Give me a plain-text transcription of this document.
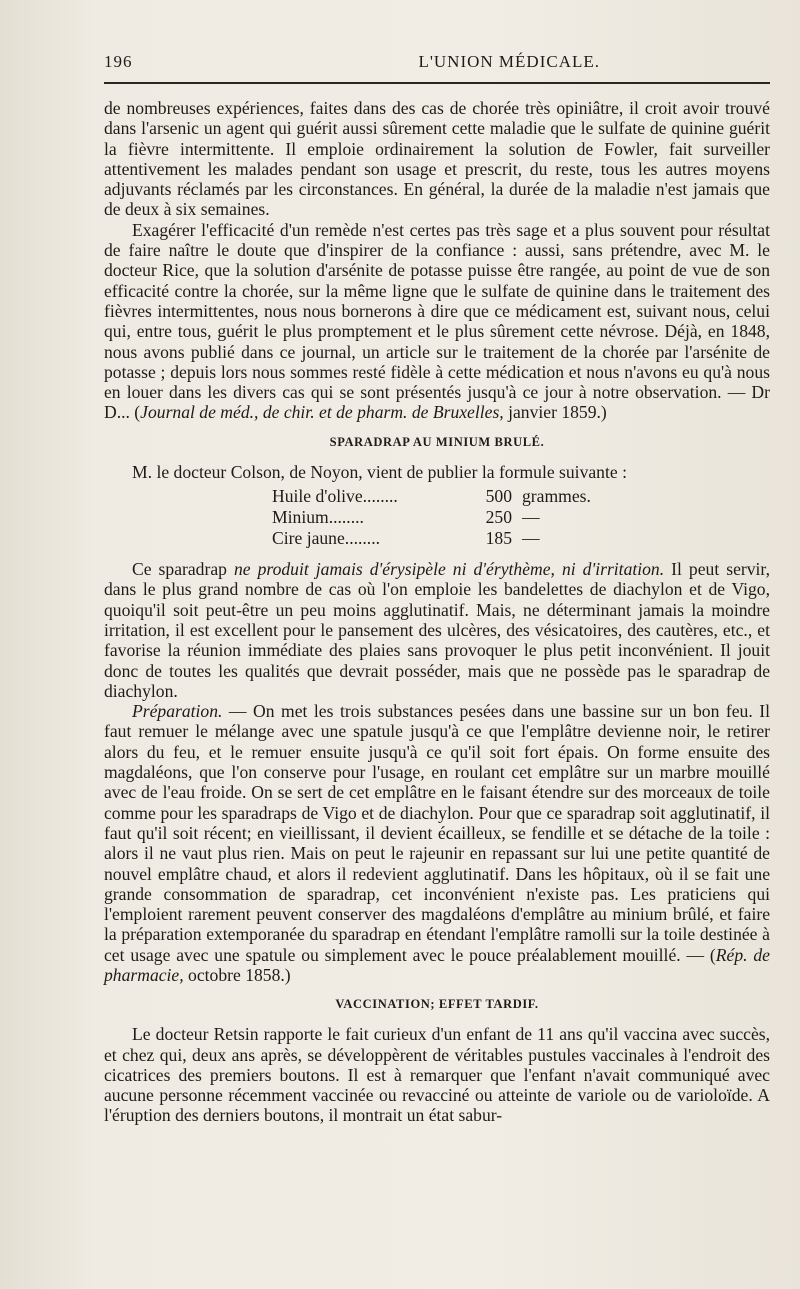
196	L'UNION MÉDICALE.

de nombreuses expériences, faites dans des cas de chorée très opiniâtre, il croit avoir trouvé dans l'arsenic un agent qui guérit aussi sûrement cette maladie que le sulfate de quinine guérit la fièvre intermittente. Il emploie ordinairement la solution de Fowler, fait surveiller attentivement les malades pendant son usage et prescrit, du reste, tous les autres moyens adjuvants réclamés par les circonstances. En général, la durée de la maladie n'est jamais que de deux à six semaines.

Exagérer l'efficacité d'un remède n'est certes pas très sage et a plus souvent pour résultat de faire naître le doute que d'inspirer de la confiance : aussi, sans prétendre, avec M. le docteur Rice, que la solution d'arsénite de potasse puisse être rangée, au point de vue de son efficacité contre la chorée, sur la même ligne que le sulfate de quinine dans le traitement des fièvres intermittentes, nous nous bornerons à dire que ce médicament est, suivant nous, celui qui, entre tous, guérit le plus promptement et le plus sûrement cette névrose. Déjà, en 1848, nous avons publié dans ce journal, un article sur le traitement de la chorée par l'arsénite de potasse ; depuis lors nous sommes resté fidèle à cette médication et nous n'avons eu qu'à nous en louer dans les divers cas qui se sont présentés jusqu'à ce jour à notre observation. — Dr D... (Journal de méd., de chir. et de pharm. de Bruxelles, janvier 1859.)

SPARADRAP AU MINIUM BRULÉ.

M. le docteur Colson, de Noyon, vient de publier la formule suivante :

Huile d'olive........	500 grammes.
Minium........	250 —
Cire jaune........	185 —

Ce sparadrap ne produit jamais d'érysipèle ni d'érythème, ni d'irritation. Il peut servir, dans le plus grand nombre de cas où l'on emploie les bandelettes de diachylon et de Vigo, quoiqu'il soit peut-être un peu moins agglutinatif. Mais, ne déterminant jamais la moindre irritation, il est excellent pour le pansement des ulcères, des vésicatoires, des cautères, etc., et favorise la réunion immédiate des plaies sans provoquer le plus petit inconvénient. Il jouit donc de toutes les qualités que devrait posséder, mais que ne possède pas le sparadrap de diachylon.

Préparation. — On met les trois substances pesées dans une bassine sur un bon feu. Il faut remuer le mélange avec une spatule jusqu'à ce que l'emplâtre devienne noir, le retirer alors du feu, et le remuer ensuite jusqu'à ce qu'il soit fort épais. On forme ensuite des magdaléons, que l'on conserve pour l'usage, en roulant cet emplâtre sur un marbre mouillé avec de l'eau froide. On se sert de cet emplâtre en le faisant étendre sur des morceaux de toile comme pour les sparadraps de Vigo et de diachylon. Pour que ce sparadrap soit agglutinatif, il faut qu'il soit récent; en vieillissant, il devient écailleux, se fendille et se détache de la toile : alors il ne vaut plus rien. Mais on peut le rajeunir en repassant sur lui une petite quantité de nouvel emplâtre chaud, et alors il redevient agglutinatif. Dans les hôpitaux, où il se fait une grande consommation de sparadrap, cet inconvénient n'existe pas. Les praticiens qui l'emploient rarement peuvent conserver des magdaléons d'emplâtre au minium brûlé, et faire la préparation extemporanée du sparadrap en étendant l'emplâtre ramolli sur la toile destinée à cet usage avec une spatule ou simplement avec le pouce préalablement mouillé. — (Rép. de pharmacie, octobre 1858.)

VACCINATION; EFFET TARDIF.

Le docteur Retsin rapporte le fait curieux d'un enfant de 11 ans qu'il vaccina avec succès, et chez qui, deux ans après, se développèrent de véritables pustules vaccinales à l'endroit des cicatrices des premiers boutons. Il est à remarquer que l'enfant n'avait communiqué avec aucune personne récemment vaccinée ou revacciné ou atteinte de variole ou de varioloïde. A l'éruption des derniers boutons, il montrait un état sabur-
